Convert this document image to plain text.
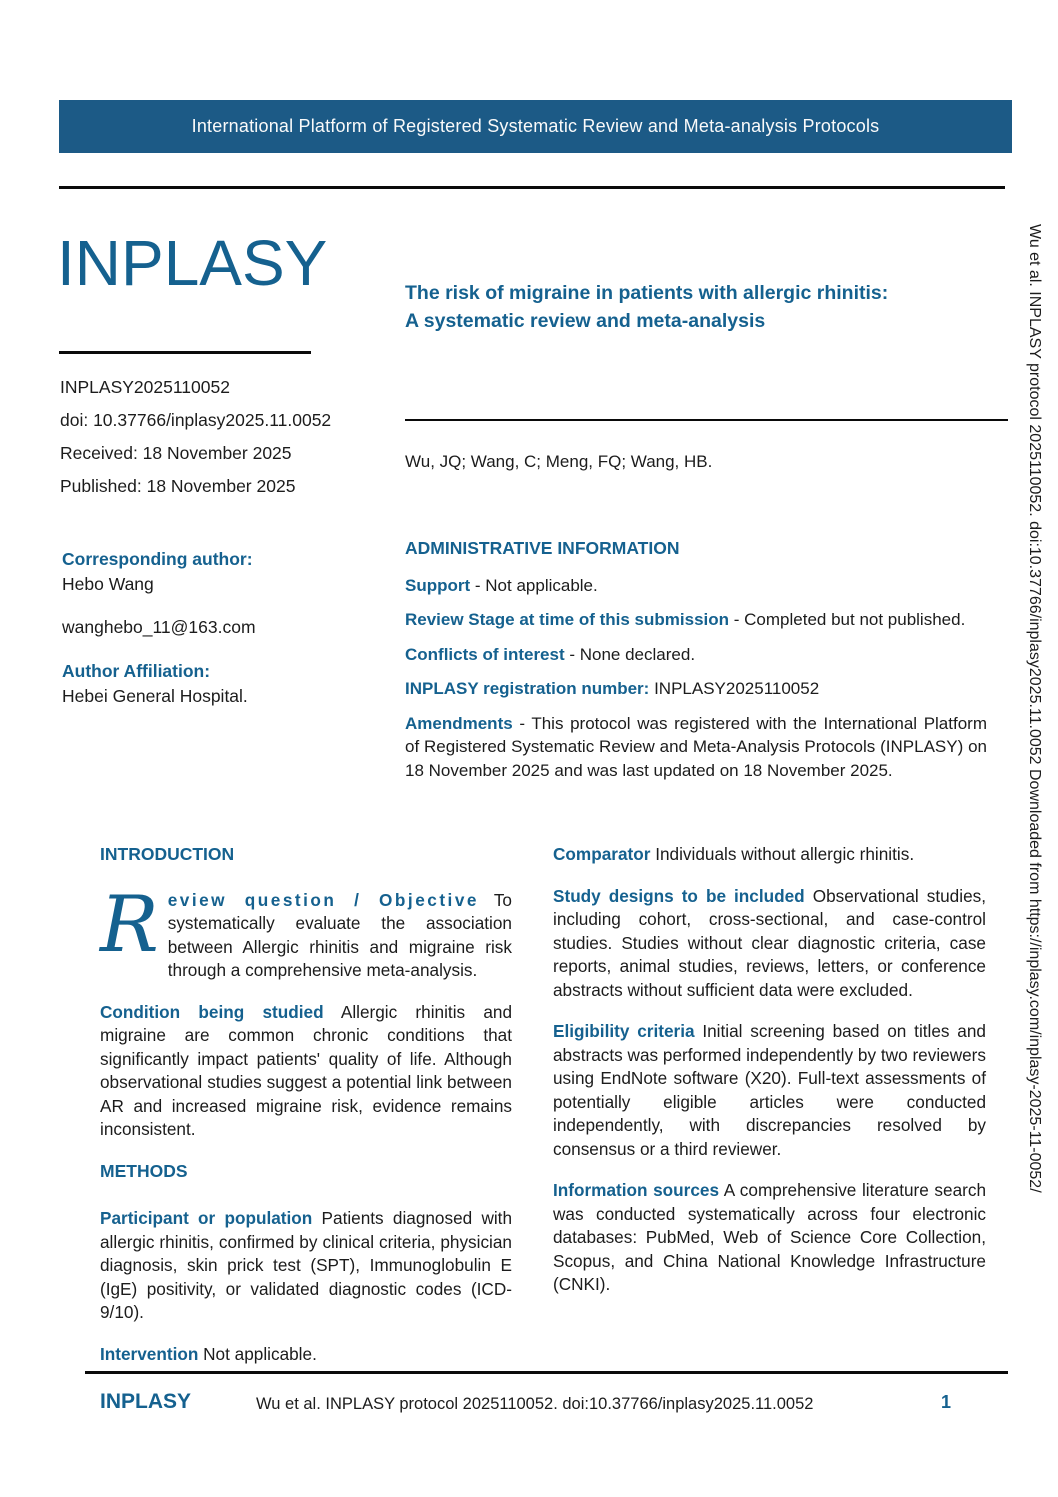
International Platform of Registered Systematic Review and Meta-analysis Protocols
INPLASY
INPLASY2025110052
doi: 10.37766/inplasy2025.11.0052
Received: 18 November 2025
Published: 18 November 2025
Corresponding author:
Hebo Wang
wanghebo_11@163.com
Author Affiliation:
Hebei General Hospital.
The risk of migraine in patients with allergic rhinitis:
A systematic review and meta-analysis
Wu, JQ; Wang, C; Meng, FQ; Wang, HB.
ADMINISTRATIVE INFORMATION

Support - Not applicable.

Review Stage at time of this submission - Completed but not published.

Conflicts of interest - None declared.

INPLASY registration number: INPLASY2025110052

Amendments - This protocol was registered with the International Platform of Registered Systematic Review and Meta-Analysis Protocols (INPLASY) on 18 November 2025 and was last updated on 18 November 2025.

INTRODUCTION

Review question / Objective To systematically evaluate the association between Allergic rhinitis and migraine risk through a comprehensive meta-analysis.

Condition being studied Allergic rhinitis and migraine are common chronic conditions that significantly impact patients' quality of life. Although observational studies suggest a potential link between AR and increased migraine risk, evidence remains inconsistent.

METHODS

Participant or population Patients diagnosed with allergic rhinitis, confirmed by clinical criteria, physician diagnosis, skin prick test (SPT), Immunoglobulin E (IgE) positivity, or validated diagnostic codes (ICD-9/10).

Intervention Not applicable.

Comparator Individuals without allergic rhinitis.

Study designs to be included Observational studies, including cohort, cross-sectional, and case-control studies. Studies without clear diagnostic criteria, case reports, animal studies, reviews, letters, or conference abstracts without sufficient data were excluded.

Eligibility criteria Initial screening based on titles and abstracts was performed independently by two reviewers using EndNote software (X20). Full-text assessments of potentially eligible articles were conducted independently, with discrepancies resolved by consensus or a third reviewer.

Information sources A comprehensive literature search was conducted systematically across four electronic databases: PubMed, Web of Science Core Collection, Scopus, and China National Knowledge Infrastructure (CNKI).

INPLASY	Wu et al. INPLASY protocol 2025110052. doi:10.37766/inplasy2025.11.0052	1
Wu et al. INPLASY protocol 2025110052. doi:10.37766/inplasy2025.11.0052 Downloaded from https://inplasy.com/inplasy-2025-11-0052/
